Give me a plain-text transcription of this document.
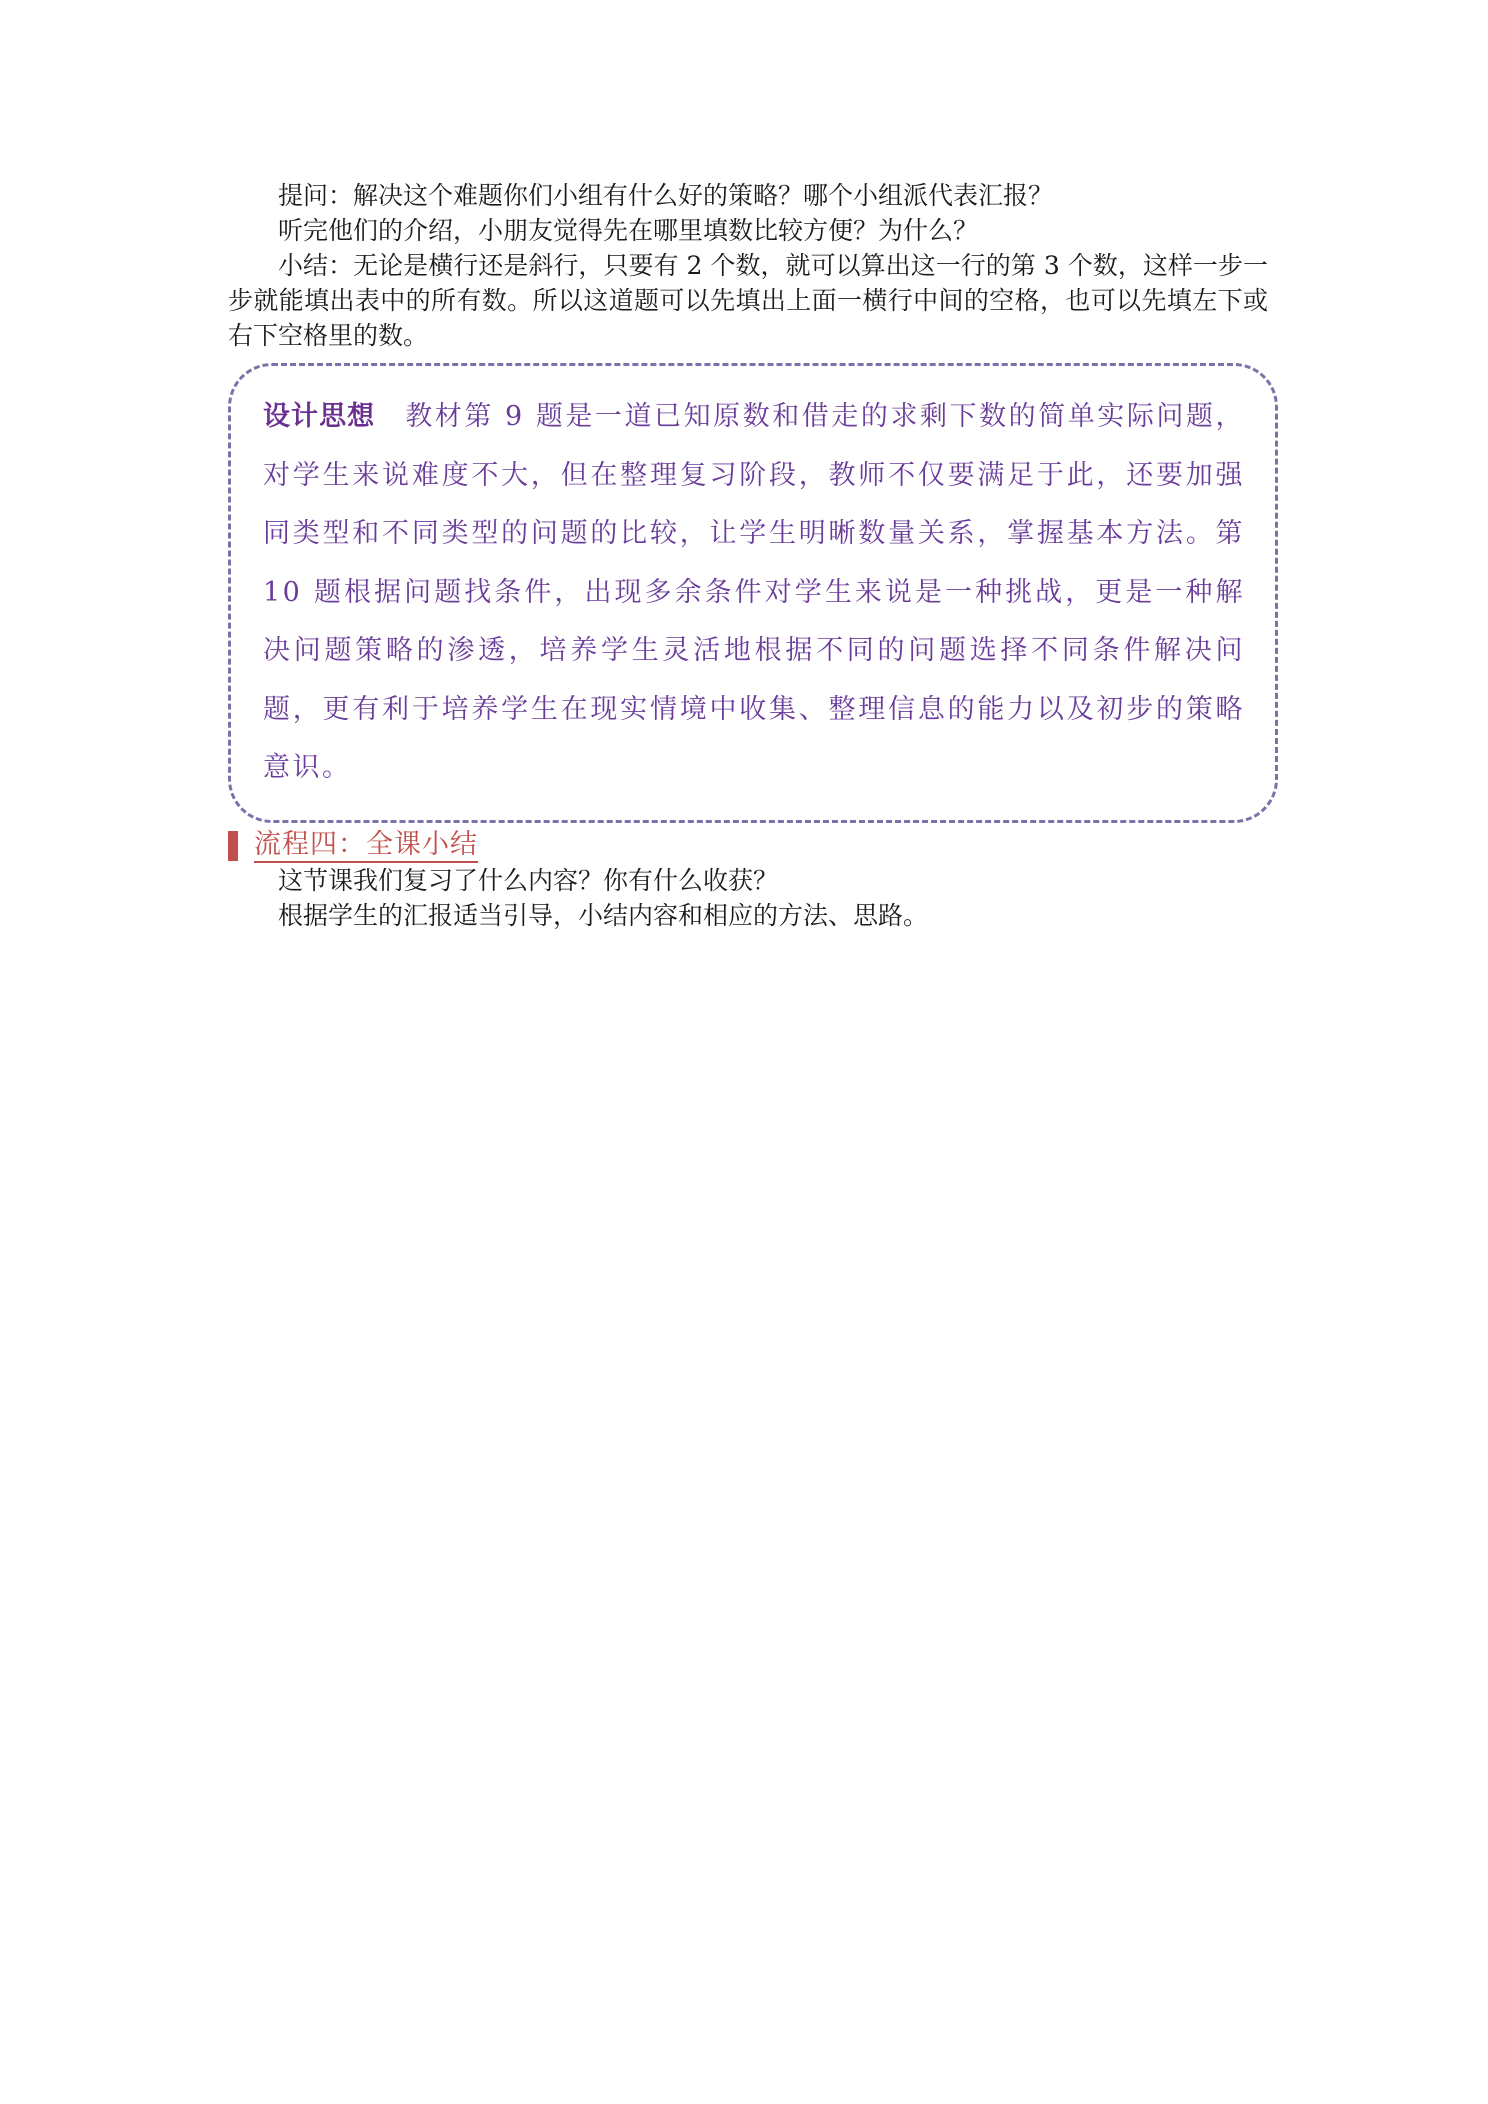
提问：解决这个难题你们小组有什么好的策略？哪个小组派代表汇报？

听完他们的介绍，小朋友觉得先在哪里填数比较方便？为什么？

小结：无论是横行还是斜行，只要有 2 个数，就可以算出这一行的第 3 个数，这样一步一步就能填出表中的所有数。所以这道题可以先填出上面一横行中间的空格，也可以先填左下或右下空格里的数。

设计思想 教材第 9 题是一道已知原数和借走的求剩下数的简单实际问题，对学生来说难度不大，但在整理复习阶段，教师不仅要满足于此，还要加强同类型和不同类型的问题的比较，让学生明晰数量关系，掌握基本方法。第 10 题根据问题找条件，出现多余条件对学生来说是一种挑战，更是一种解决问题策略的渗透，培养学生灵活地根据不同的问题选择不同条件解决问题，更有利于培养学生在现实情境中收集、整理信息的能力以及初步的策略意识。

流程四：全课小结

这节课我们复习了什么内容？你有什么收获？

根据学生的汇报适当引导，小结内容和相应的方法、思路。
